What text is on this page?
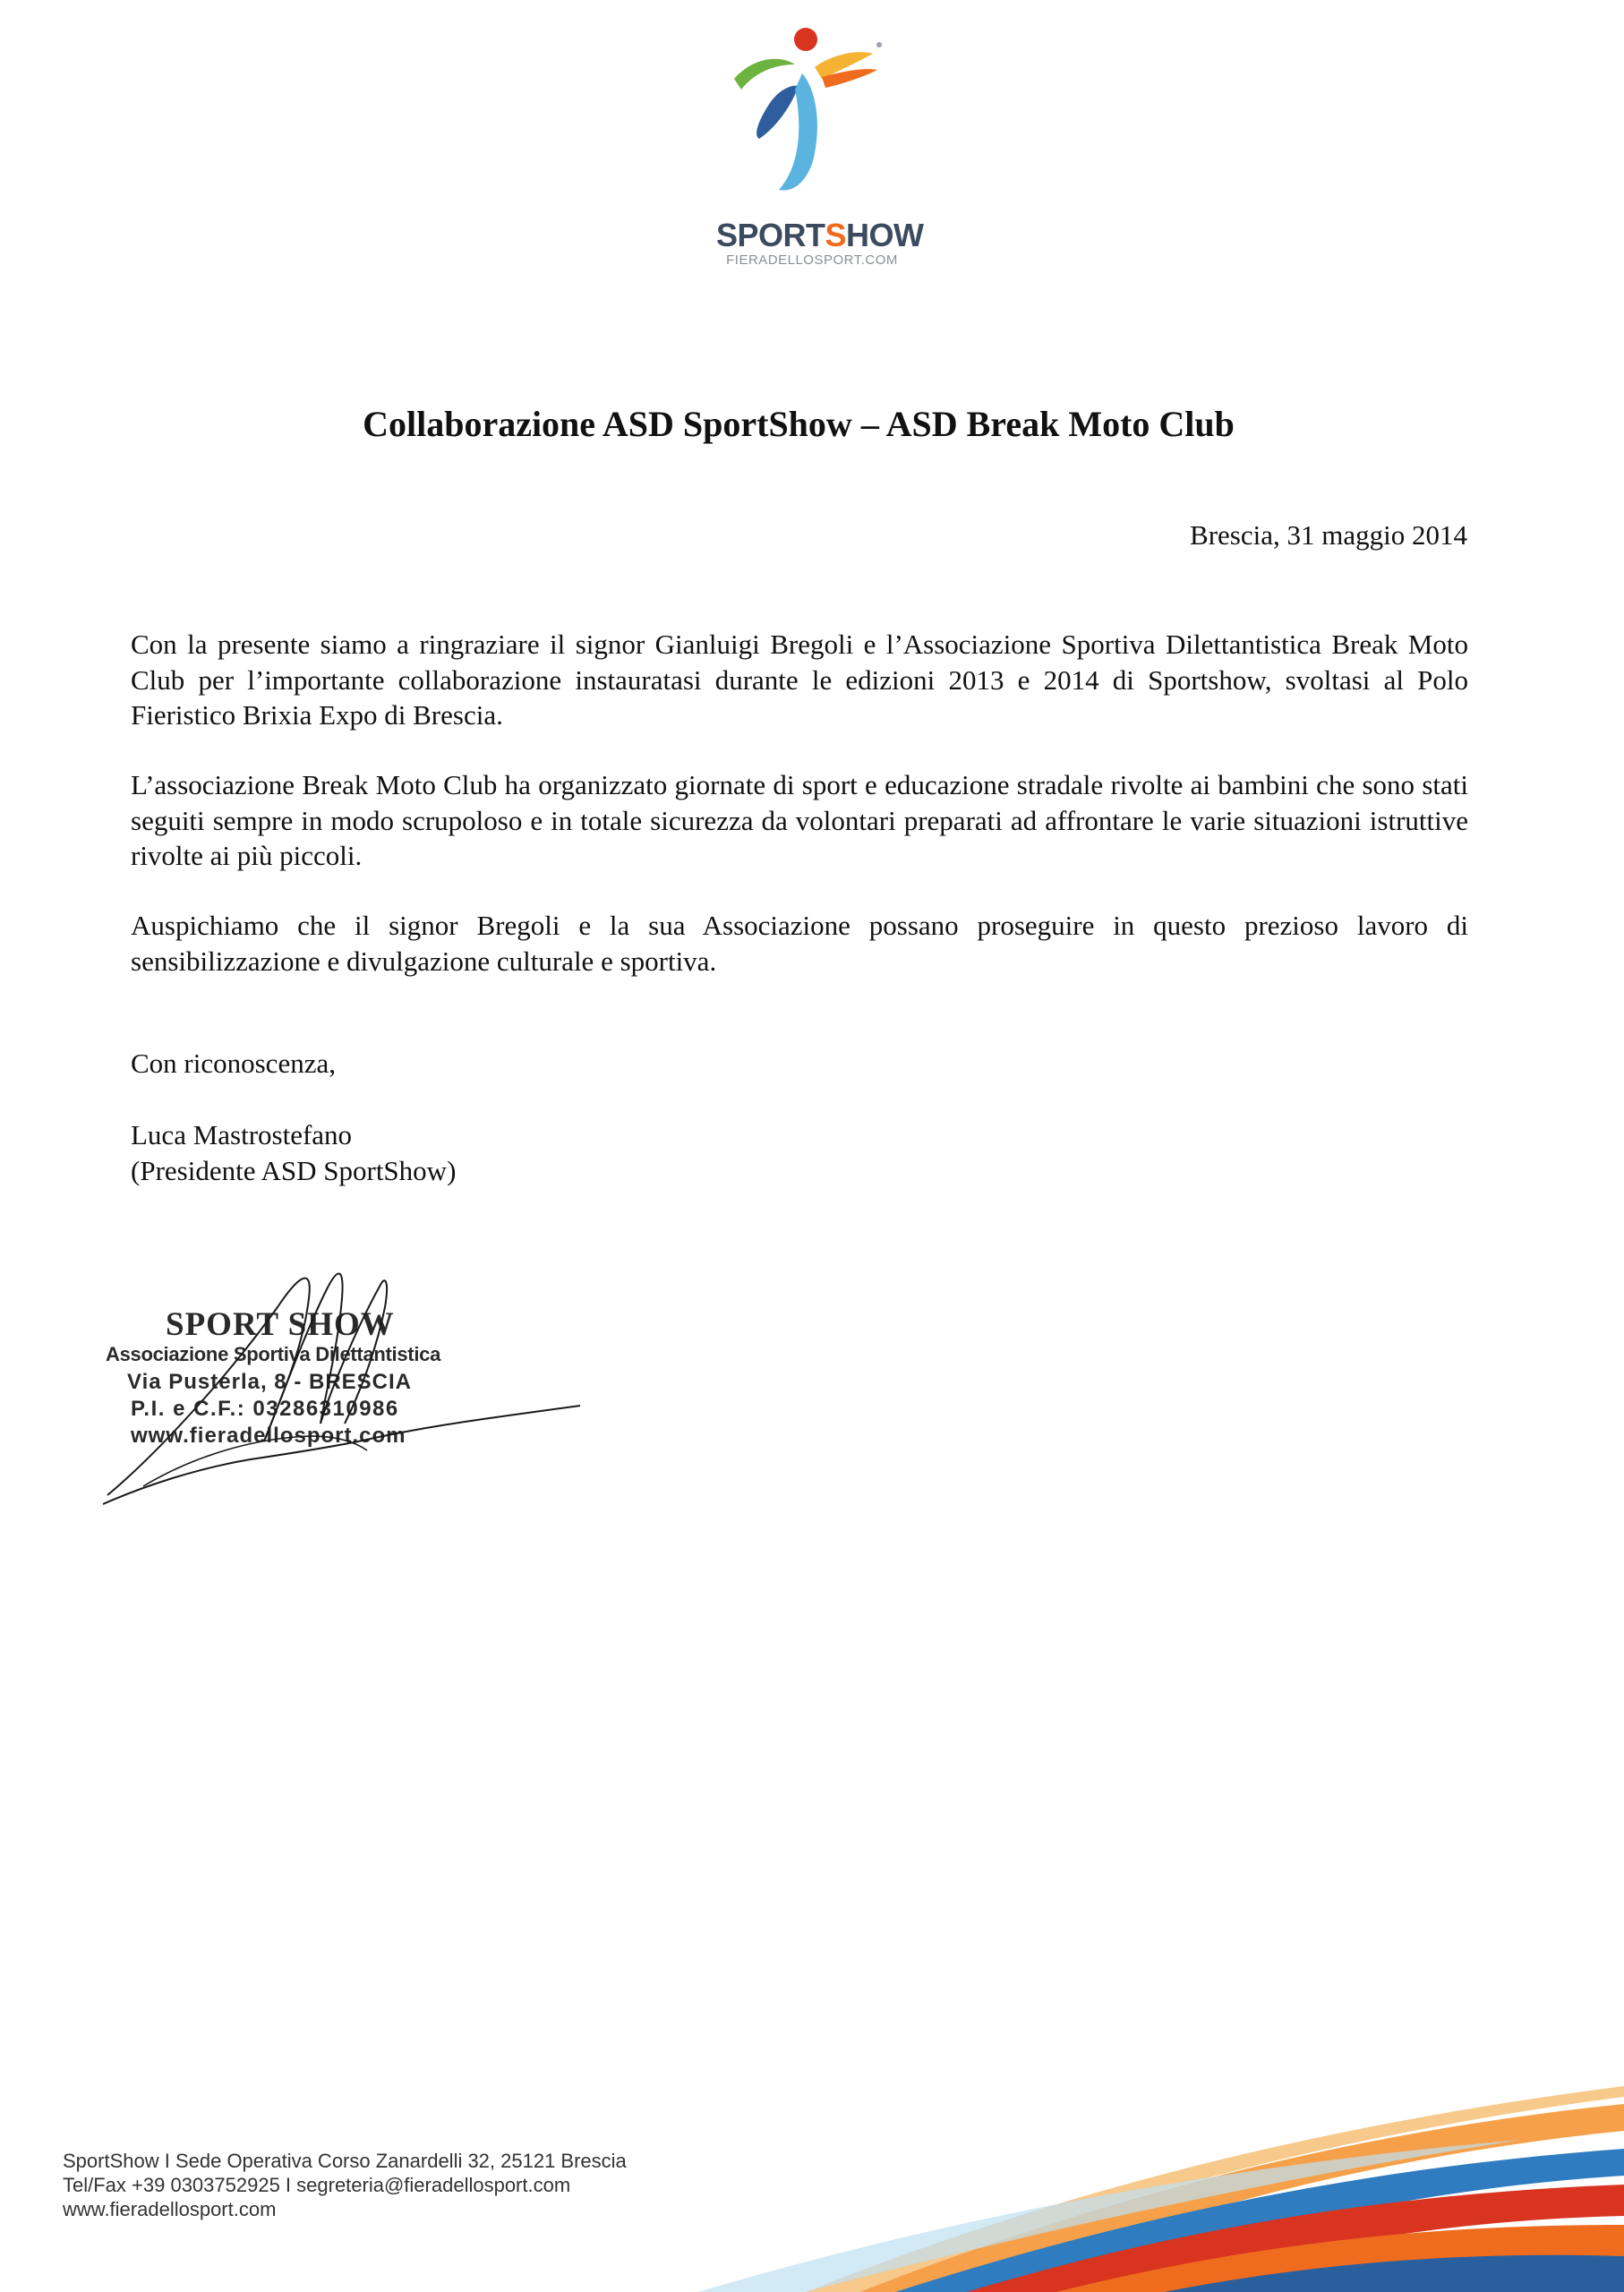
SPORTSHOW
FIERADELLOSPORT.COM
Collaborazione ASD SportShow – ASD Break Moto Club
Brescia, 31 maggio 2014

Con la presente siamo a ringraziare il signor Gianluigi Bregoli e l’Associazione Sportiva Dilettantistica Break Moto Club per l’importante collaborazione instauratasi durante le edizioni 2013 e 2014 di Sportshow, svoltasi al Polo Fieristico Brixia Expo di Brescia.

L’associazione Break Moto Club ha organizzato giornate di sport e educazione stradale rivolte ai bambini che sono stati seguiti sempre in modo scrupoloso e in totale sicurezza da volontari preparati ad affrontare le varie situazioni istruttive rivolte ai più piccoli.

Auspichiamo che il signor Bregoli e la sua Associazione possano proseguire in questo prezioso lavoro di sensibilizzazione e divulgazione culturale e sportiva.

Con riconoscenza,
Luca Mastrostefano
(Presidente ASD SportShow)
SPORT SHOW
Associazione Sportiva Dilettantistica
Via Pusterla, 8 - BRESCIA
P.I. e C.F.: 03286310986
www.fieradellosport.com
SportShow I Sede Operativa Corso Zanardelli 32, 25121 Brescia
Tel/Fax +39 0303752925 I segreteria@fieradellosport.com
www.fieradellosport.com
